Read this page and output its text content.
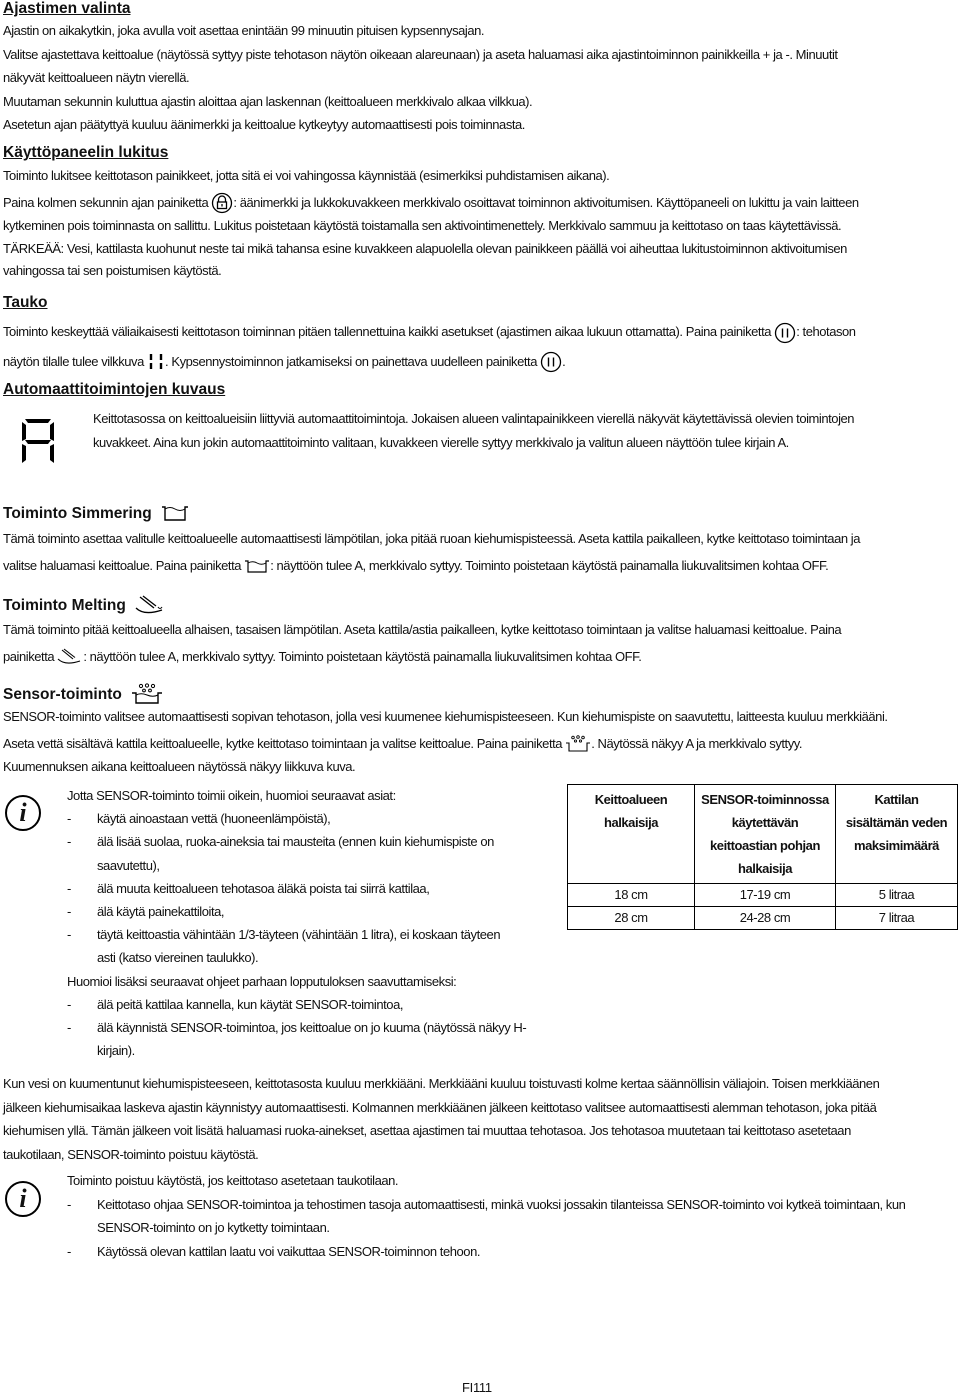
Ajastimen valinta

Ajastin on aikakytkin, joka avulla voit asettaa enintään 99 minuutin pituisen kypsennysajan.

Valitse ajastettava keittoalue (näytössä syttyy piste tehotason näytön oikeaan alareunaan) ja aseta haluamasi aika ajastintoiminnon painikkeilla + ja -. Minuutit

näkyvät keittoalueen näytn vierellä.

Muutaman sekunnin kuluttua ajastin aloittaa ajan laskennan (keittoalueen merkkivalo alkaa vilkkua).

Asetetun ajan päätyttyä kuuluu äänimerkki ja keittoalue kytkeytyy automaattisesti pois toiminnasta.

Käyttöpaneelin lukitus

Toiminto lukitsee keittotason painikkeet, jotta sitä ei voi vahingossa käynnistää (esimerkiksi puhdistamisen aikana).

Paina kolmen sekunnin ajan painiketta : äänimerkki ja lukkokuvakkeen merkkivalo osoittavat toiminnon aktivoitumisen. Käyttöpaneeli on lukittu ja vain laitteen

kytkeminen pois toiminnasta on sallittu. Lukitus poistetaan käytöstä toistamalla sen aktivointimenettely. Merkkivalo sammuu ja keittotaso on taas käytettävissä.

TÄRKEÄÄ: Vesi, kattilasta kuohunut neste tai mikä tahansa esine kuvakkeen alapuolella olevan painikkeen päällä voi aiheuttaa lukitustoiminnon aktivoitumisen

vahingossa tai sen poistumisen käytöstä.

Tauko

Toiminto keskeyttää väliaikaisesti keittotason toiminnan pitäen tallennettuina kaikki asetukset (ajastimen aikaa lukuun ottamatta). Paina painiketta : tehotason

näytön tilalle tulee vilkkuva . Kypsennystoiminnon jatkamiseksi on painettava uudelleen painiketta .

Automaattitoimintojen kuvaus

Keittotasossa on keittoalueisiin liittyviä automaattitoimintoja. Jokaisen alueen valintapainikkeen vierellä näkyvät käytettävissä olevien toimintojen

kuvakkeet. Aina kun jokin automaattitoiminto valitaan, kuvakkeen vierelle syttyy merkkivalo ja valitun alueen näyttöön tulee kirjain A.

Toiminto Simmering

Tämä toiminto asettaa valitulle keittoalueelle automaattisesti lämpötilan, joka pitää ruoan kiehumispisteessä. Aseta kattila paikalleen, kytke keittotaso toimintaan ja

valitse haluamasi keittoalue. Paina painiketta : näyttöön tulee A, merkkivalo syttyy. Toiminto poistetaan käytöstä painamalla liukuvalitsimen kohtaa OFF.

Toiminto Melting

Tämä toiminto pitää keittoalueella alhaisen, tasaisen lämpötilan. Aseta kattila/astia paikalleen, kytke keittotaso toimintaan ja valitse haluamasi keittoalue. Paina

painiketta : näyttöön tulee A, merkkivalo syttyy. Toiminto poistetaan käytöstä painamalla liukuvalitsimen kohtaa OFF.

Sensor-toiminto

SENSOR-toiminto valitsee automaattisesti sopivan tehotason, jolla vesi kuumenee kiehumispisteeseen. Kun kiehumispiste on saavutettu, laitteesta kuuluu merkkiääni.

Aseta vettä sisältävä kattila keittoalueelle, kytke keittotaso toimintaan ja valitse keittoalue. Paina painiketta . Näytössä näkyy A ja merkkivalo syttyy.

Kuumennuksen aikana keittoalueen näytössä näkyy liikkuva kuva.

i

Jotta SENSOR-toiminto toimii oikein, huomioi seuraavat asiat:

- käytä ainoastaan vettä (huoneenlämpöistä),
- älä lisää suolaa, ruoka-aineksia tai mausteita (ennen kuin kiehumispiste on
saavutettu),
- älä muuta keittoalueen tehotasoa äläkä poista tai siirrä kattilaa,
- älä käytä painekattiloita,
- täytä keittoastia vähintään 1/3-täyteen (vähintään 1 litra), ei koskaan täyteen
asti (katso viereinen taulukko).

Huomioi lisäksi seuraavat ohjeet parhaan lopputuloksen saavuttamiseksi:

- älä peitä kattilaa kannella, kun käytät SENSOR-toimintoa,
- älä käynnistä SENSOR-toimintoa, jos keittoalue on jo kuuma (näytössä näkyy H-
kirjain).
Keittoalueen
halkaisija	SENSOR-toiminnossa
käytettävän
keittoastian pohjan
halkaisija	Kattilan
sisältämän veden
maksimimäärä
18 cm	17-19 cm	5 litraa
28 cm	24-28 cm	7 litraa

Kun vesi on kuumentunut kiehumispisteeseen, keittotasosta kuuluu merkkiääni. Merkkiääni kuuluu toistuvasti kolme kertaa säännöllisin väliajoin. Toisen merkkiäänen

jälkeen kiehumisaikaa laskeva ajastin käynnistyy automaattisesti. Kolmannen merkkiäänen jälkeen keittotaso valitsee automaattisesti alemman tehotason, joka pitää

kiehumisen yllä. Tämän jälkeen voit lisätä haluamasi ruoka-ainekset, asettaa ajastimen tai muuttaa tehotasoa. Jos tehotasoa muutetaan tai keittotaso asetetaan

taukotilaan, SENSOR-toiminto poistuu käytöstä.

i

Toiminto poistuu käytöstä, jos keittotaso asetetaan taukotilaan.

- Keittotaso ohjaa SENSOR-toimintoa ja tehostimen tasoja automaattisesti, minkä vuoksi jossakin tilanteissa SENSOR-toiminto voi kytkeä toimintaan, kun
SENSOR-toiminto on jo kytketty toimintaan.
- Käytössä olevan kattilan laatu voi vaikuttaa SENSOR-toiminnon tehoon.
FI111
